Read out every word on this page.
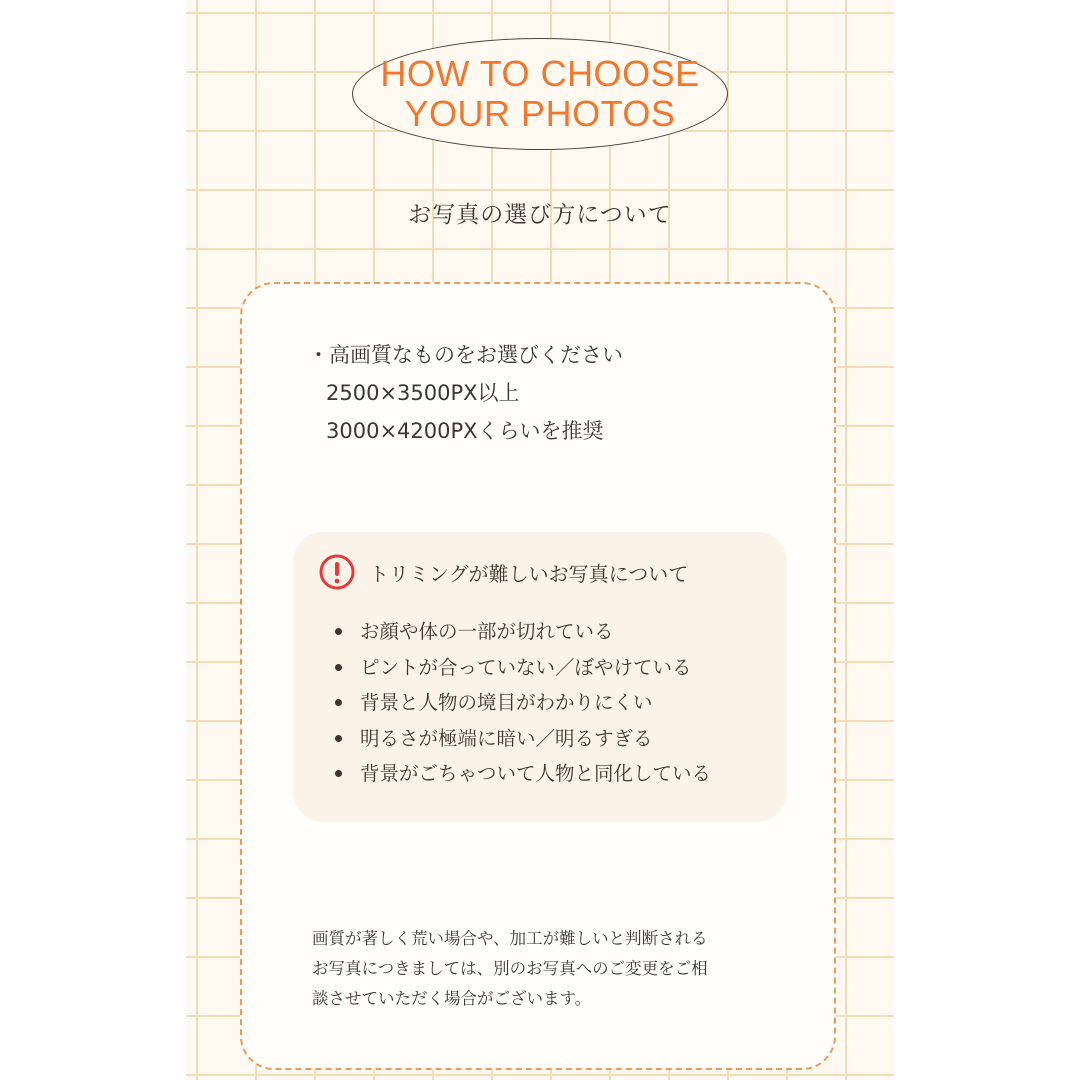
HOW TO CHOOSE
YOUR PHOTOS
お写真の選び方について
・高画質なものをお選びください
2500×3500PX以上
3000×4200PXくらいを推奨
トリミングが難しいお写真について
お顔や体の一部が切れている
ピントが合っていない／ぼやけている
背景と人物の境目がわかりにくい
明るさが極端に暗い／明るすぎる
背景がごちゃついて人物と同化している
画質が著しく荒い場合や、加工が難しいと判断される
お写真につきましては、別のお写真へのご変更をご相
談させていただく場合がございます。
